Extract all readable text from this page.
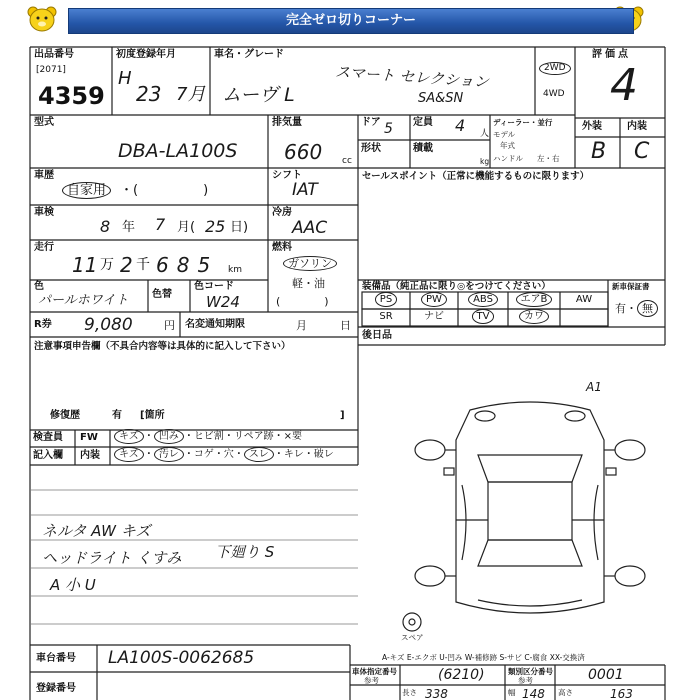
完全ゼロ切りコーナー
出品番号
[2071]
4359
初度登録年月
H
23 7月
車名・グレード
ムーヴ L
スマート セレクション
SA&SN
2WD
4WD
評価点
4
型式
DBA-LA100S
排気量
660 cc
ドア 5 定員 4 人
形状	積載
kg
ディーラー・並行
モデル
年式
ハンドル 左・右
外装	内装
B C
車歴
自家用	・(　　　　　)
シフト
IAT
車検
8 年 7 月( 25 日)
冷房
AAC
走行
11 万 2 千 685 km
燃料
ガソリン
軽・油
(　　　　)
色
パールホワイト 色替
色コード
W24
R券 9,080	円 名変通知期限	月	日
注意事項申告欄（不具合内容等は具体的に記入して下さい）
修復歴	有 [箇所	]
検査員 FW	キズ ・ 凹み ・ヒビ割・リペア跡・×要
記入欄 内装	キズ ・ 汚レ ・コゲ・穴・ スレ ・キレ・破レ
ネルタ AW キズ
ヘッドライト くすみ
A 小 U
下廻り S
セールスポイント（正常に機能するものに限ります）
装備品（純正品に限り◎をつけてください）	新車保証書
有・ 無
PS	PW	ABS	エアB	AW
SR	ナビ	TV	カワ
後日品
A1
スペア
車台番号 LA100S-0062685
登録番号
A-キズ E-エクボ U-凹み W-補修跡 S-サビ C-腐食 XX-交換済
車体指定番号
参考	(6210)	類別区分番号
参考	0001
長さ 338	幅 148 高さ	163
